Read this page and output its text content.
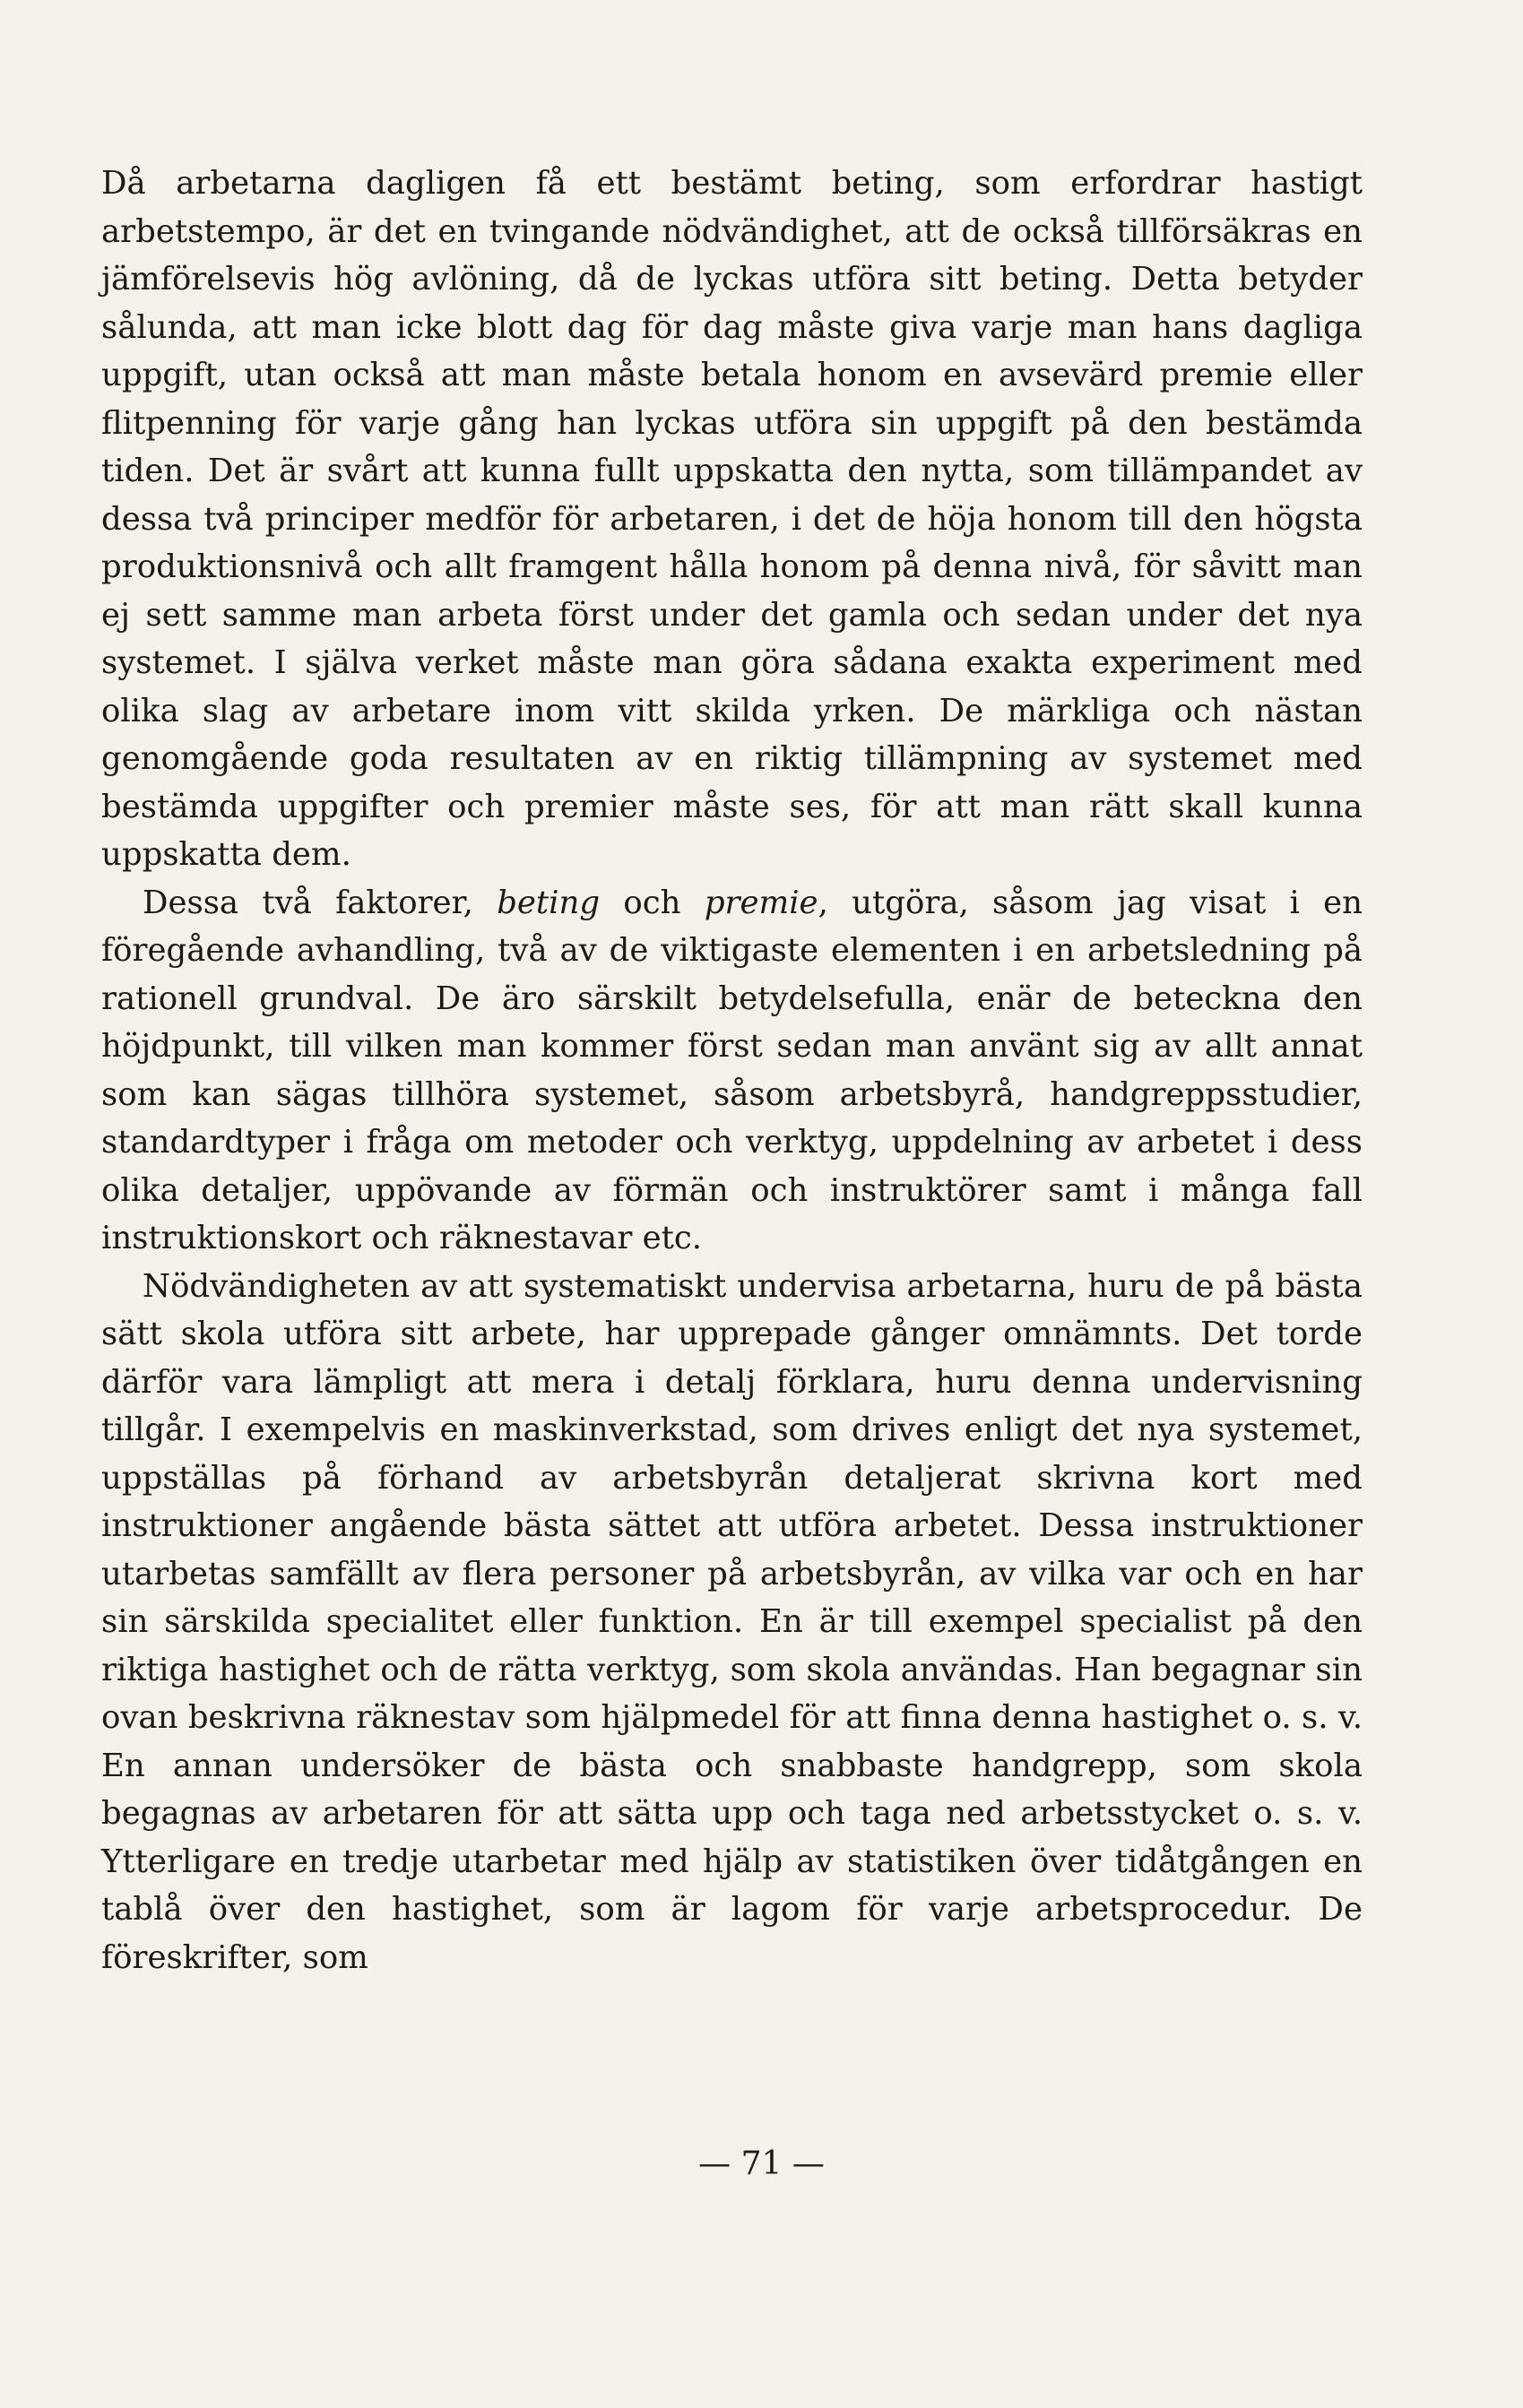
Då arbetarna dagligen få ett bestämt beting, som erfordrar hastigt arbetstempo, är det en tvingande nödvändighet, att de också tillförsäkras en jämförelsevis hög avlöning, då de lyckas utföra sitt beting. Detta betyder sålunda, att man icke blott dag för dag måste giva varje man hans dagliga uppgift, utan också att man måste betala honom en avsevärd premie eller flitpenning för varje gång han lyckas utföra sin uppgift på den bestämda tiden. Det är svårt att kunna fullt uppskatta den nytta, som tillämpandet av dessa två principer medför för arbetaren, i det de höja honom till den högsta produktionsnivå och allt framgent hålla honom på denna nivå, för såvitt man ej sett samme man arbeta först under det gamla och sedan under det nya systemet. I själva verket måste man göra sådana exakta experiment med olika slag av arbetare inom vitt skilda yrken. De märkliga och nästan genomgående goda resultaten av en riktig tillämpning av systemet med bestämda uppgifter och premier måste ses, för att man rätt skall kunna uppskatta dem.

Dessa två faktorer, beting och premie, utgöra, såsom jag visat i en föregående avhandling, två av de viktigaste elementen i en arbetsledning på rationell grundval. De äro särskilt betydelsefulla, enär de beteckna den höjdpunkt, till vilken man kommer först sedan man använt sig av allt annat som kan sägas tillhöra systemet, såsom arbetsbyrå, handgreppsstudier, standardtyper i fråga om metoder och verktyg, uppdelning av arbetet i dess olika detaljer, uppövande av förmän och instruktörer samt i många fall instruktionskort och räknestavar etc.

Nödvändigheten av att systematiskt undervisa arbetarna, huru de på bästa sätt skola utföra sitt arbete, har upprepade gånger omnämnts. Det torde därför vara lämpligt att mera i detalj förklara, huru denna undervisning tillgår. I exempelvis en maskinverkstad, som drives enligt det nya systemet, uppställas på förhand av arbetsbyrån detaljerat skrivna kort med instruktioner angående bästa sättet att utföra arbetet. Dessa instruktioner utarbetas samfällt av flera personer på arbetsbyrån, av vilka var och en har sin särskilda specialitet eller funktion. En är till exempel specialist på den riktiga hastighet och de rätta verktyg, som skola användas. Han begagnar sin ovan beskrivna räknestav som hjälpmedel för att finna denna hastighet o. s. v. En annan undersöker de bästa och snabbaste handgrepp, som skola begagnas av arbetaren för att sätta upp och taga ned arbetsstycket o. s. v. Ytterligare en tredje utarbetar med hjälp av statistiken över tidåtgången en tablå över den hastighet, som är lagom för varje arbetsprocedur. De föreskrifter, som

— 71 —
